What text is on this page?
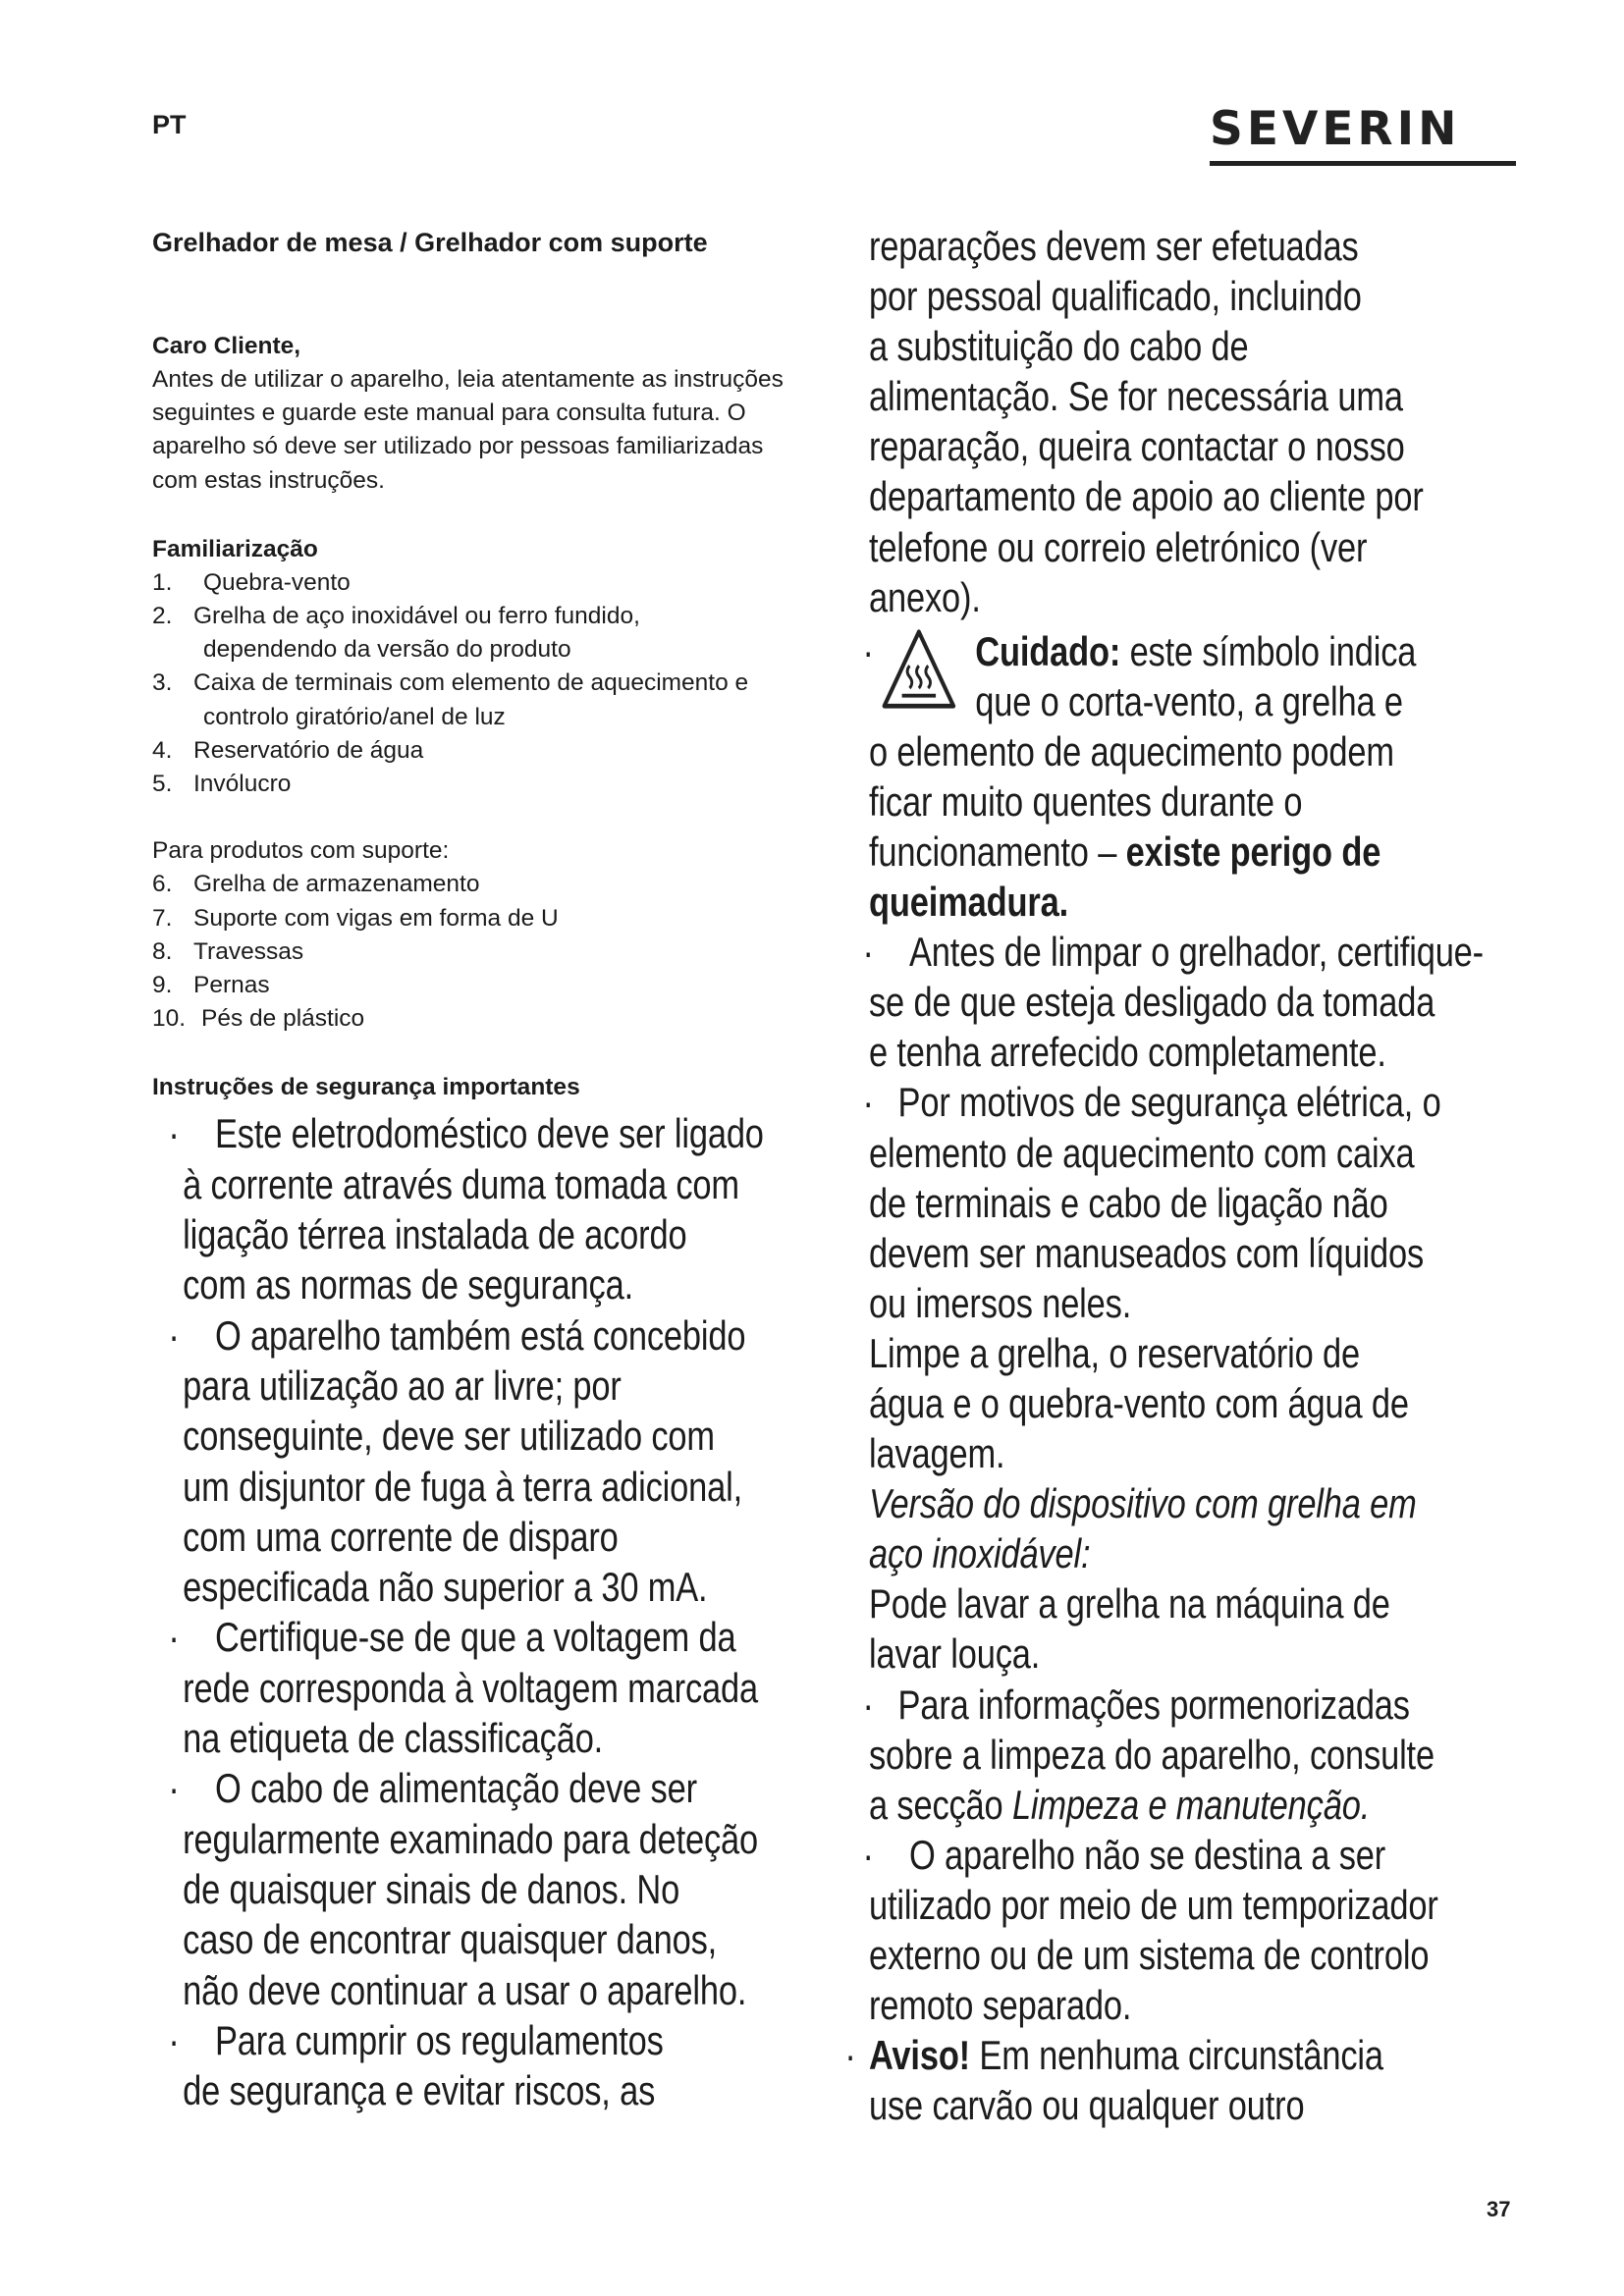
PT	SEVERIN
Grelhador de mesa / Grelhador com suporte
Caro Cliente,
Antes de utilizar o aparelho, leia atentamente as instruções
seguintes e guarde este manual para consulta futura. O
aparelho só deve ser utilizado por pessoas familiarizadas
com estas instruções.
Familiarização
1.	Quebra-vento
2. Grelha de aço inoxidável ou ferro fundido,
dependendo da versão do produto
3. Caixa de terminais com elemento de aquecimento e
controlo giratório/anel de luz
4. Reservatório de água
5. Invólucro
Para produtos com suporte:
6. Grelha de armazenamento
7. Suporte com vigas em forma de U
8. Travessas
9. Pernas
10. Pés de plástico
Instruções de segurança importantes
· Este eletrodoméstico deve ser ligado
à corrente através duma tomada com
ligação térrea instalada de acordo
com as normas de segurança.
· O aparelho também está concebido
para utilização ao ar livre; por
conseguinte, deve ser utilizado com
um disjuntor de fuga à terra adicional,
com uma corrente de disparo
especificada não superior a 30 mA.
· Certifique-se de que a voltagem da
rede corresponda à voltagem marcada
na etiqueta de classificação.
· O cabo de alimentação deve ser
regularmente examinado para deteção
de quaisquer sinais de danos. No
caso de encontrar quaisquer danos,
não deve continuar a usar o aparelho.
· Para cumprir os regulamentos
de segurança e evitar riscos, as
reparações devem ser efetuadas
por pessoal qualificado, incluindo
a substituição do cabo de
alimentação. Se for necessária uma
reparação, queira contactar o nosso
departamento de apoio ao cliente por
telefone ou correio eletrónico (ver
anexo).
· Cuidado: este símbolo indica
que o corta-vento, a grelha e
o elemento de aquecimento podem
ficar muito quentes durante o
funcionamento – existe perigo de
queimadura.
· Antes de limpar o grelhador, certifique-
se de que esteja desligado da tomada
e tenha arrefecido completamente.
· Por motivos de segurança elétrica, o
elemento de aquecimento com caixa
de terminais e cabo de ligação não
devem ser manuseados com líquidos
ou imersos neles.
Limpe a grelha, o reservatório de
água e o quebra-vento com água de
lavagem.
Versão do dispositivo com grelha em
aço inoxidável:
Pode lavar a grelha na máquina de
lavar louça.
· Para informações pormenorizadas
sobre a limpeza do aparelho, consulte
a secção Limpeza e manutenção.
· O aparelho não se destina a ser
utilizado por meio de um temporizador
externo ou de um sistema de controlo
remoto separado.
· Aviso! Em nenhuma circunstância
use carvão ou qualquer outro
37
